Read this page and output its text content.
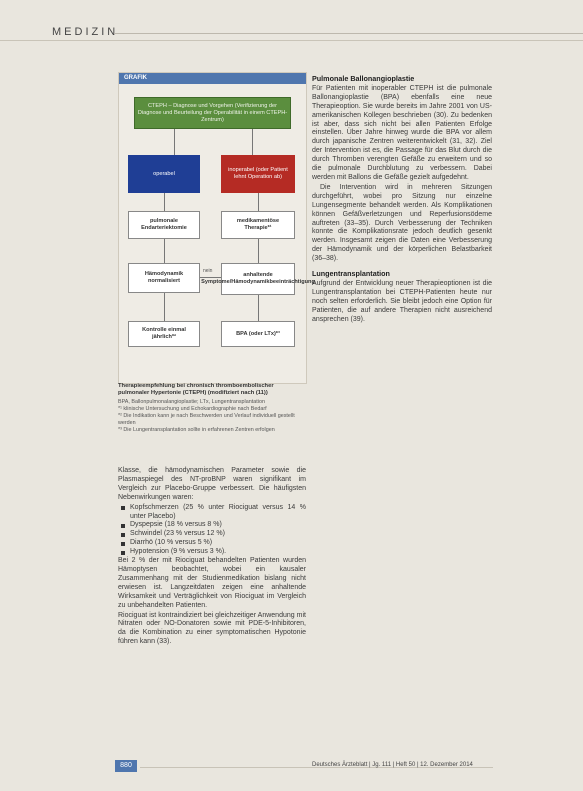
MEDIZIN
GRAFIK
CTEPH – Diagnose und Vorgehen (Verifizierung der Diagnose und Beurteilung der Operabilität in einem CTEPH-Zentrum)
operabel
inoperabel (oder Patient lehnt Operation ab)
pulmonale Endarteriektomie
medikamentöse Therapie*¹
Hämodynamik normalisiert
anhaltende Symptome/Hämodynamikbeeinträchtigung
nein
Kontrolle einmal jährlich*²
BPA (oder LTx)*³
Therapieempfehlung bei chronisch thromboembolischer pulmonaler Hypertonie (CTEPH) (modifiziert nach (11))

BPA, Ballonpulmonalangioplastie; LTx, Lungentransplantation

*¹ klinische Untersuchung und Echokardiographie nach Bedarf

*² Die Indikation kann je nach Beschwerden und Verlauf individuell gestellt werden

*³ Die Lungentransplantation sollte in erfahrenen Zentren erfolgen

Klasse, die hämodynamischen Parameter sowie die Plasmaspiegel des NT-proBNP waren signifikant im Vergleich zur Placebo-Gruppe verbessert. Die häufigsten Nebenwirkungen waren:

Kopfschmerzen (25 % unter Riociguat versus 14 % unter Placebo)
Dyspepsie (18 % versus 8 %)
Schwindel (23 % versus 12 %)
Diarrhö (10 % versus 5 %)
Hypotension (9 % versus 3 %).

Bei 2 % der mit Riociguat behandelten Patienten wurden Hämoptysen beobachtet, wobei ein kausaler Zusammenhang mit der Studienmedikation bislang nicht erwiesen ist. Langzeitdaten zeigen eine anhaltende Wirksamkeit und Verträglichkeit von Riociguat im Vergleich zu unbehandelten Patienten.

Riociguat ist kontraindiziert bei gleichzeitiger Anwendung mit Nitraten oder NO-Donatoren sowie mit PDE-5-Inhibitoren, da die Kombination zu einer symptomatischen Hypotonie führen kann (33).

Pulmonale Ballonangioplastie

Für Patienten mit inoperabler CTEPH ist die pulmonale Ballonangioplastie (BPA) ebenfalls eine neue Therapieoption. Sie wurde bereits im Jahre 2001 von US-amerikanischen Kollegen beschrieben (30). Zu bedenken ist aber, dass sich nicht bei allen Patienten Erfolge einstellen. Über Jahre hinweg wurde die BPA vor allem durch japanische Zentren weiterentwickelt (31, 32). Ziel der Intervention ist es, die Passage für das Blut durch die durch Thromben verengten Gefäße zu erweitern und so die pulmonale Durchblutung zu verbessern. Dabei werden mit Ballons die Gefäße gezielt aufgedehnt.

Die Intervention wird in mehreren Sitzungen durchgeführt, wobei pro Sitzung nur einzelne Lungensegmente behandelt werden. Als Komplikationen können Gefäßverletzungen und Reperfusionsödeme auftreten (33–35). Durch Verbesserung der Techniken konnte die Komplikationsrate jedoch deutlich gesenkt werden. Insgesamt zeigen die Daten eine Verbesserung der Hämodynamik und der körperlichen Belastbarkeit (36–38).

Lungentransplantation

Aufgrund der Entwicklung neuer Therapieoptionen ist die Lungentransplantation bei CTEPH-Patienten heute nur noch selten erforderlich. Sie bleibt jedoch eine Option für Patienten, die auf andere Therapien nicht ausreichend ansprechen (39).

880	Deutsches Ärzteblatt | Jg. 111 | Heft 50 | 12. Dezember 2014
